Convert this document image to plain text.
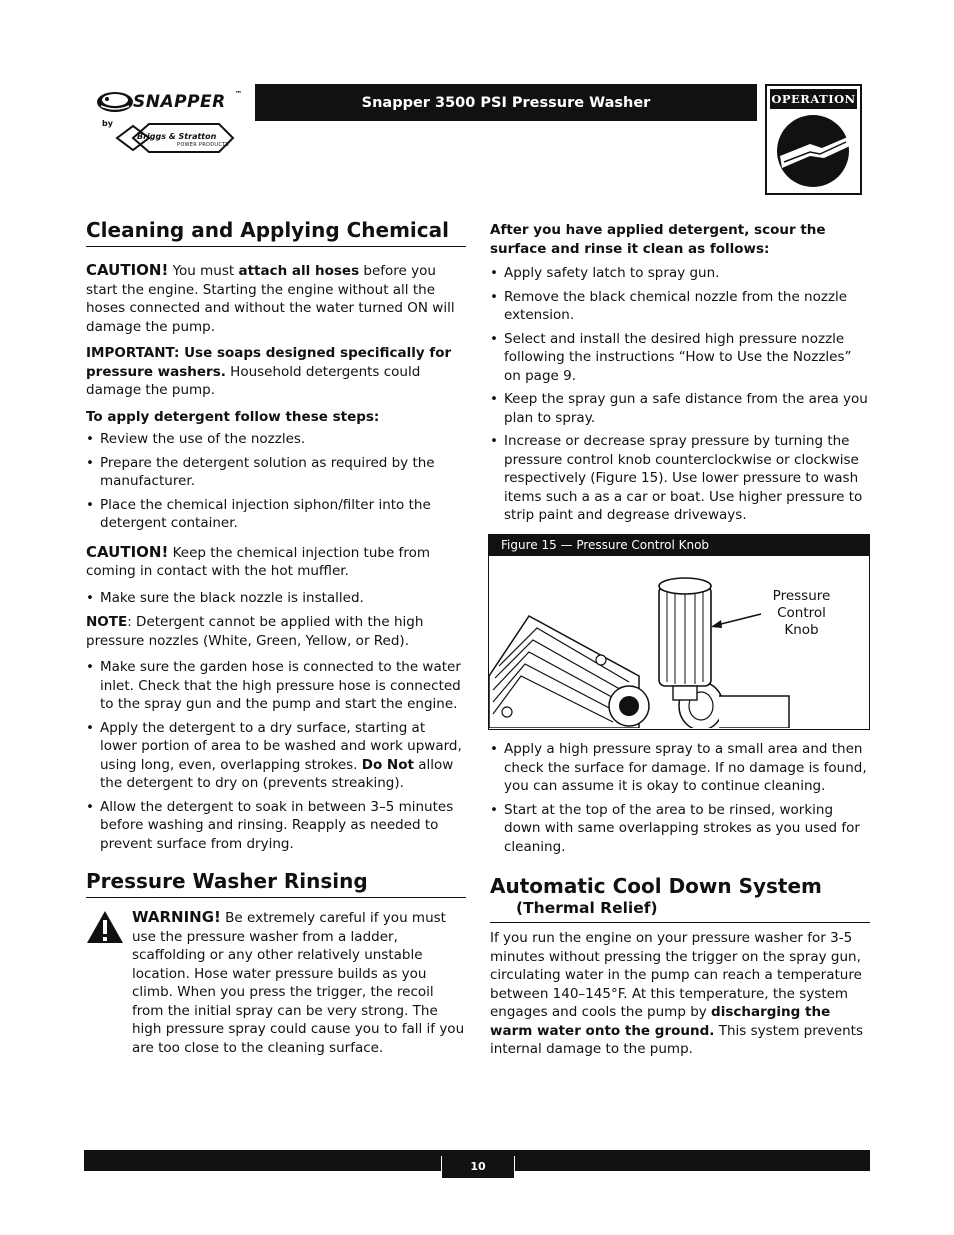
SNAPPER ™
by
Briggs & Stratton
POWER PRODUCTS
Snapper 3500 PSI Pressure Washer	OPERATION
Cleaning and Applying Chemical

CAUTION! You must attach all hoses before you start the engine. Starting the engine without all the hoses connected and without the water turned ON will damage the pump.

IMPORTANT: Use soaps designed specifically for pressure washers. Household detergents could damage the pump.

To apply detergent follow these steps:

• Review the use of the nozzles.
• Prepare the detergent solution as required by the manufacturer.
• Place the chemical injection siphon/filter into the detergent container.

CAUTION! Keep the chemical injection tube from coming in contact with the hot muffler.

• Make sure the black nozzle is installed.

NOTE: Detergent cannot be applied with the high pressure nozzles (White, Green, Yellow, or Red).

• Make sure the garden hose is connected to the water inlet. Check that the high pressure hose is connected to the spray gun and the pump and start the engine.
• Apply the detergent to a dry surface, starting at lower portion of area to be washed and work upward, using long, even, overlapping strokes. Do Not allow the detergent to dry on (prevents streaking).
• Allow the detergent to soak in between 3–5 minutes before washing and rinsing. Reapply as needed to prevent surface from drying.
Pressure Washer Rinsing
WARNING! Be extremely careful if you must use the pressure washer from a ladder, scaffolding or any other relatively unstable location. Hose water pressure builds as you climb. When you press the trigger, the recoil from the initial spray can be very strong. The high pressure spray could cause you to fall if you are too close to the cleaning surface.

After you have applied detergent, scour the surface and rinse it clean as follows:

• Apply safety latch to spray gun.
• Remove the black chemical nozzle from the nozzle extension.
• Select and install the desired high pressure nozzle following the instructions “How to Use the Nozzles” on page 9.
• Keep the spray gun a safe distance from the area you plan to spray.
• Increase or decrease spray pressure by turning the pressure control knob counterclockwise or clockwise respectively (Figure 15). Use lower pressure to wash items such a as a car or boat. Use higher pressure to strip paint and degrease driveways.
Figure 15 — Pressure Control Knob
Pressure
Control
Knob
• Apply a high pressure spray to a small area and then check the surface for damage. If no damage is found, you can assume it is okay to continue cleaning.
• Start at the top of the area to be rinsed, working down with same overlapping strokes as you used for cleaning.
Automatic Cool Down System
(Thermal Relief)

If you run the engine on your pressure washer for 3-5 minutes without pressing the trigger on the spray gun, circulating water in the pump can reach a temperature between 140–145°F. At this temperature, the system engages and cools the pump by discharging the warm water onto the ground. This system prevents internal damage to the pump.

10
